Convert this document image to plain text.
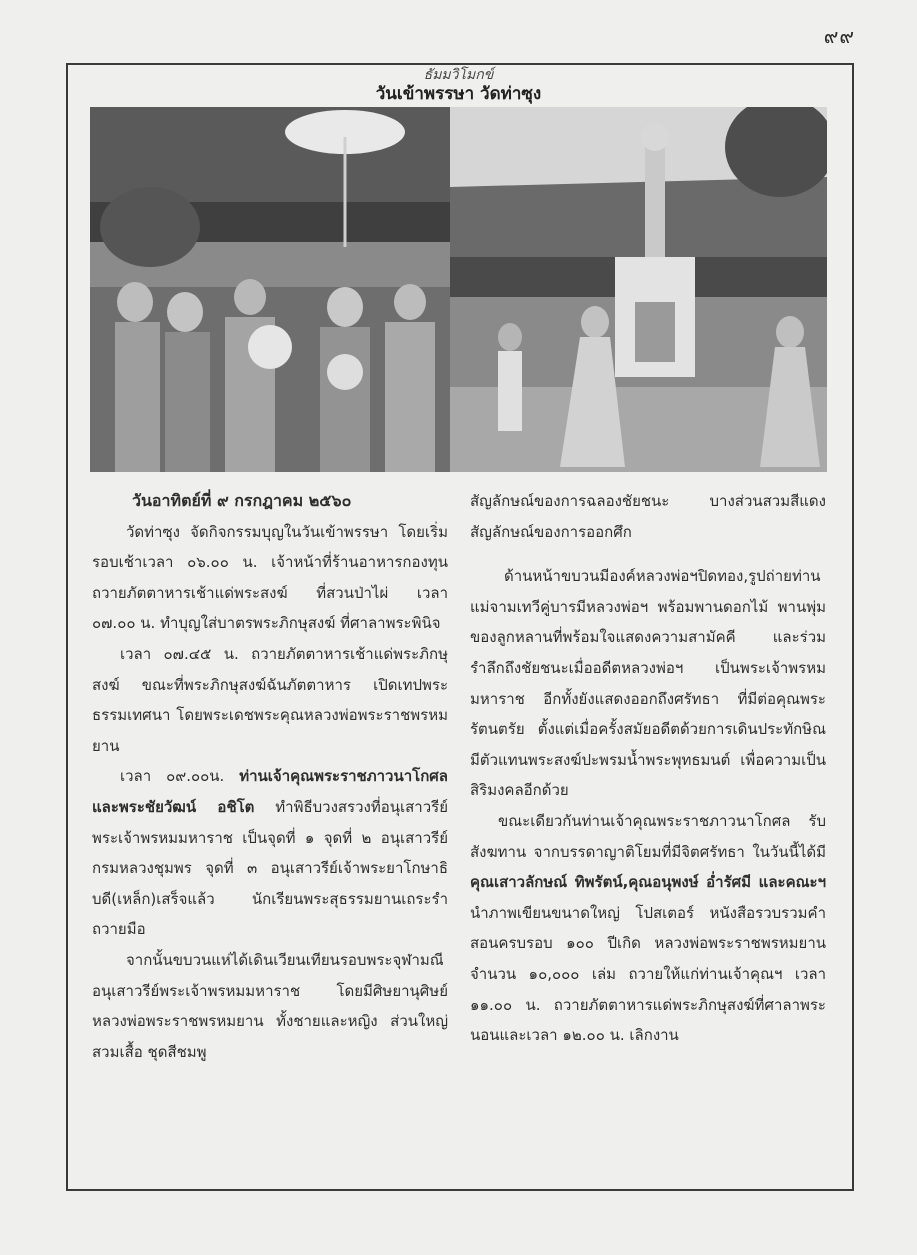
๙๙
ธัมมวิโมกข์
วันเข้าพรรษา วัดท่าซุง

วันอาทิตย์ที่ ๙ กรกฎาคม ๒๕๖๐

วัดท่าซุง จัดกิจกรรมบุญในวันเข้าพรรษา โดยเริ่มรอบเช้าเวลา ๐๖.๐๐ น. เจ้าหน้าที่ร้านอาหารกองทุนถวายภัตตาหารเช้าแด่พระสงฆ์ ที่สวนป่าไผ่ เวลา ๐๗.๐๐ น. ทำบุญใส่บาตรพระภิกษุสงฆ์ ที่ศาลาพระพินิจ

เวลา ๐๗.๔๕ น. ถวายภัตตาหารเช้าแด่พระภิกษุสงฆ์ ขณะที่พระภิกษุสงฆ์ฉันภัตตาหาร เปิดเทปพระธรรมเทศนา โดยพระเดชพระคุณหลวงพ่อพระราชพรหมยาน

เวลา ๐๙.๐๐น. ท่านเจ้าคุณพระราชภาวนาโกศล และพระชัยวัฒน์ อชิโต ทำพิธีบวงสรวงที่อนุเสาวรีย์พระเจ้าพรหมมหาราช เป็นจุดที่ ๑ จุดที่ ๒ อนุเสาวรีย์กรมหลวงชุมพร จุดที่ ๓ อนุเสาวรีย์เจ้าพระยาโกษาธิบดี(เหล็ก)เสร็จแล้ว นักเรียนพระสุธรรมยานเถระรำถวายมือ

จากนั้นขบวนแห่ได้เดินเวียนเทียนรอบพระจุฬามณี อนุเสาวรีย์พระเจ้าพรหมมหาราช โดยมีศิษยานุศิษย์หลวงพ่อพระราชพรหมยาน ทั้งชายและหญิง ส่วนใหญ่สวมเสื้อ ชุดสีชมพู

สัญลักษณ์ของการฉลองชัยชนะ บางส่วนสวมสีแดงสัญลักษณ์ของการออกศึก

ด้านหน้าขบวนมีองค์หลวงพ่อฯปิดทอง,รูปถ่ายท่านแม่จามเทวีคู่บารมีหลวงพ่อฯ พร้อมพานดอกไม้ พานพุ่มของลูกหลานที่พร้อมใจแสดงความสามัคคี และร่วมรำลึกถึงชัยชนะเมื่ออดีตหลวงพ่อฯ เป็นพระเจ้าพรหมมหาราช อีกทั้งยังแสดงออกถึงศรัทธา ที่มีต่อคุณพระรัตนตรัย ตั้งแต่เมื่อครั้งสมัยอดีตด้วยการเดินประทักษิณ มีตัวแทนพระสงฆ์ปะพรมน้ำพระพุทธมนต์ เพื่อความเป็นสิริมงคลอีกด้วย

ขณะเดียวกันท่านเจ้าคุณพระราชภาวนาโกศล รับสังฆทาน จากบรรดาญาติโยมที่มีจิตศรัทธา ในวันนี้ได้มี คุณเสาวลักษณ์ ทิพรัตน์,คุณอนุพงษ์ อ่ำรัศมี และคณะฯนำภาพเขียนขนาดใหญ่ โปสเตอร์ หนังสือรวบรวมคำสอนครบรอบ ๑๐๐ ปีเกิด หลวงพ่อพระราชพรหมยาน จำนวน ๑๐,๐๐๐ เล่ม ถวายให้แก่ท่านเจ้าคุณฯ เวลา ๑๑.๐๐ น. ถวายภัตตาหารแด่พระภิกษุสงฆ์ที่ศาลาพระนอนและเวลา ๑๒.๐๐ น. เลิกงาน
